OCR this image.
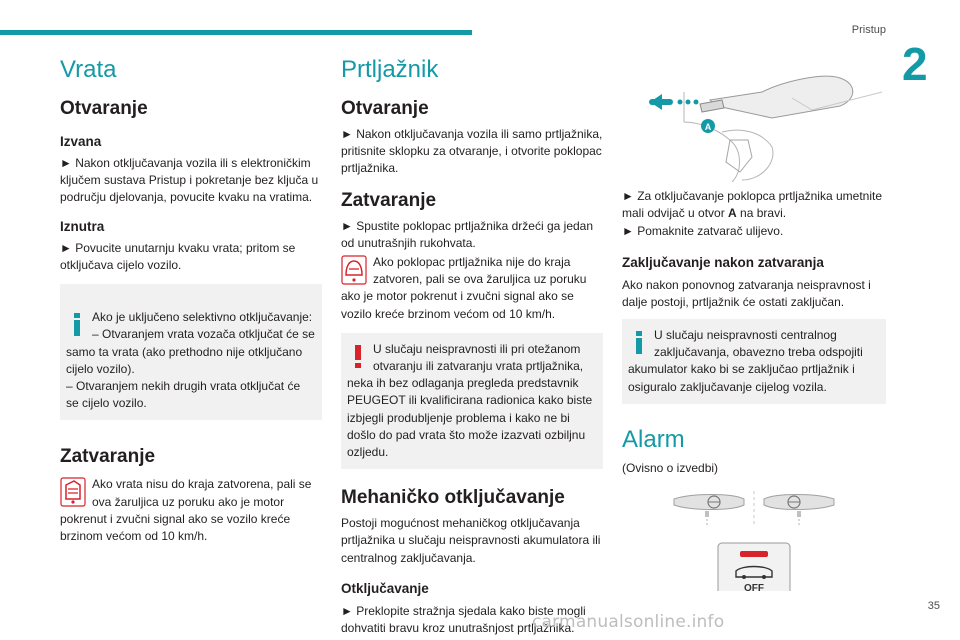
Pristup
2
Vrata
Otvaranje
Izvana
► Nakon otključavanja vozila ili s elektroničkim ključem sustava Pristup i pokretanje bez ključa u području djelovanja, povucite kvaku na vratima.
Iznutra
► Povucite unutarnju kvaku vrata; pritom se otključava cijelo vozilo.

Ako je uključeno selektivno otključavanje:
– Otvaranjem vrata vozača otključat će se samo ta vrata (ako prethodno nije otključano cijelo vozilo).
– Otvaranjem nekih drugih vrata otključat će se cijelo vozilo.

Zatvaranje
Ako vrata nisu do kraja zatvorena, pali se ova žaruljica uz poruku ako je motor pokrenut i zvučni signal ako se vozilo kreće brzinom većom od 10 km/h.
Prtljažnik
Otvaranje
► Nakon otključavanja vozila ili samo prtljažnika, pritisnite sklopku za otvaranje, i otvorite poklopac prtljažnika.
Zatvaranje
► Spustite poklopac prtljažnika držeći ga jedan od unutrašnjih rukohvata.
Ako poklopac prtljažnika nije do kraja zatvoren, pali se ova žaruljica uz poruku ako je motor pokrenut i zvučni signal ako se vozilo kreće brzinom većom od 10 km/h.
U slučaju neispravnosti ili pri otežanom otvaranju ili zatvaranju vrata prtljažnika, neka ih bez odlaganja pregleda predstavnik PEUGEOT ili kvalificirana radionica kako biste izbjegli produbljenje problema i kako ne bi došlo do pad vrata što može izazvati ozbiljnu ozljedu.
Mehaničko otključavanje
Postoji mogućnost mehaničkog otključavanja prtljažnika u slučaju neispravnosti akumulatora ili centralnog zaključavanja.
Otključavanje
► Preklopite stražnja sjedala kako biste mogli dohvatiti bravu kroz unutrašnjost prtljažnika.
A
► Za otključavanje poklopca prtljažnika umetnite mali odvijač u otvor A na bravi.
► Pomaknite zatvarač ulijevo.
Zaključavanje nakon zatvaranja
Ako nakon ponovnog zatvaranja neispravnost i dalje postoji, prtljažnik će ostati zaključan.
U slučaju neispravnosti centralnog zaključavanja, obavezno treba odspojiti akumulator kako bi se zaključao prtljažnik i osiguralo zaključavanje cijelog vozila.
Alarm
(Ovisno o izvedbi)
OFF
35
carmanualsonline.info
